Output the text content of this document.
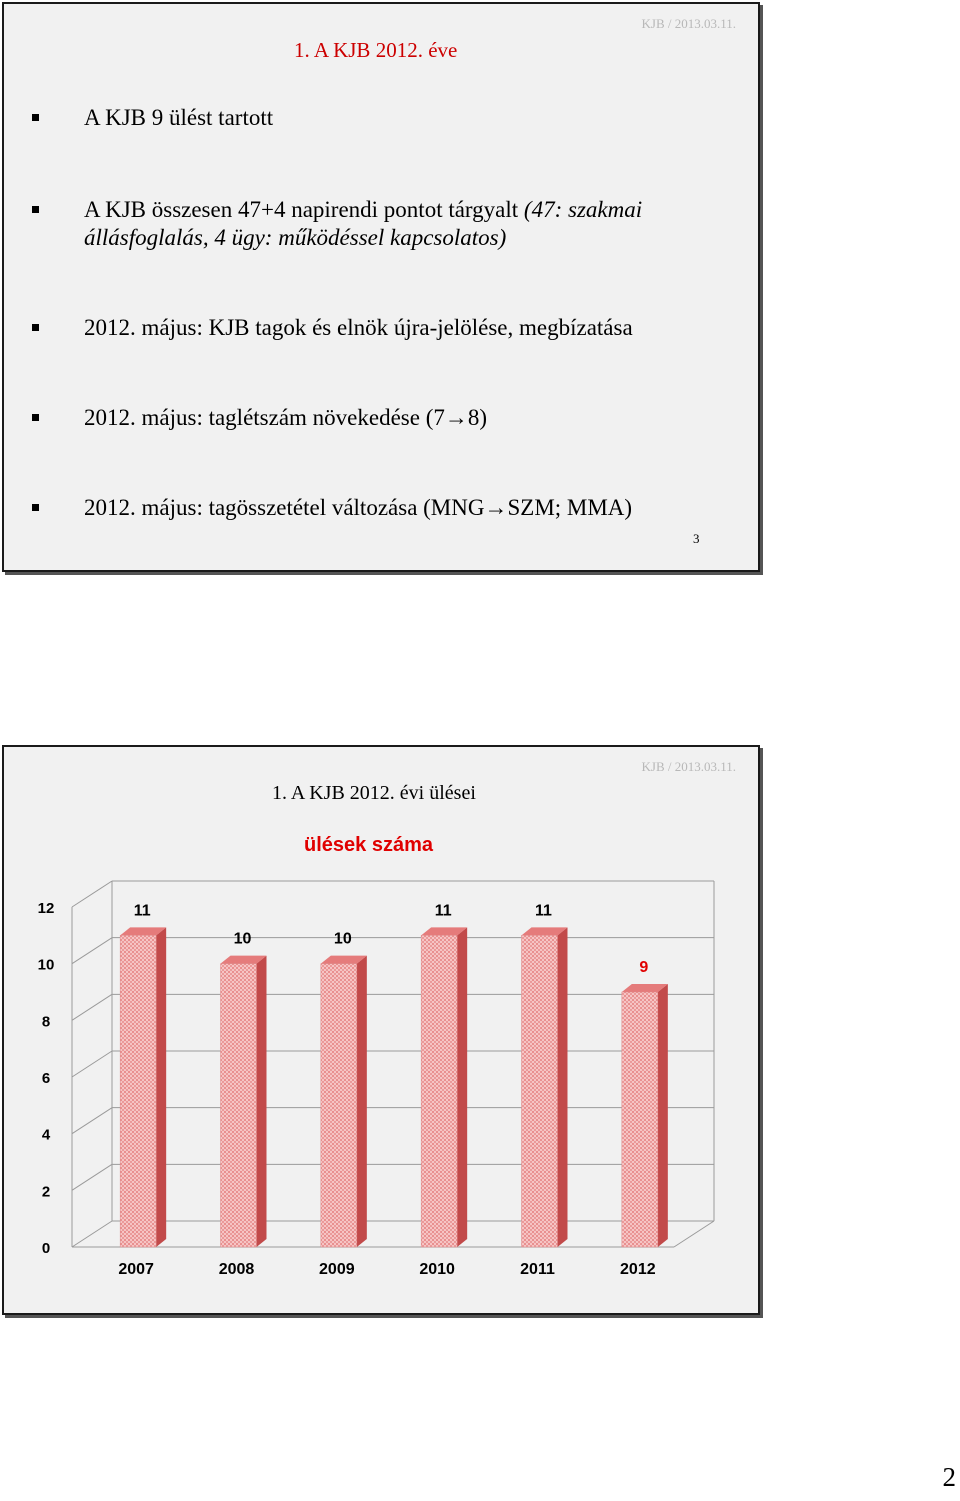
KJB / 2013.03.11.
1. A KJB 2012. éve
A KJB 9 ülést tartott
A KJB összesen 47+4 napirendi pontot tárgyalt (47: szakmai állásfoglalás, 4 ügy: működéssel kapcsolatos)
2012. május: KJB tagok és elnök újra-jelölése, megbízatása
2012. május: taglétszám növekedése (7→8)
2012. május: tagösszetétel változása (MNG→SZM; MMA)
3
KJB / 2013.03.11.
1. A KJB 2012. évi ülései
ülések száma
0
2
4
6
8
10
12	11
2007
10
2008
10
2009
11
2010
11
2011
9
2012
2
